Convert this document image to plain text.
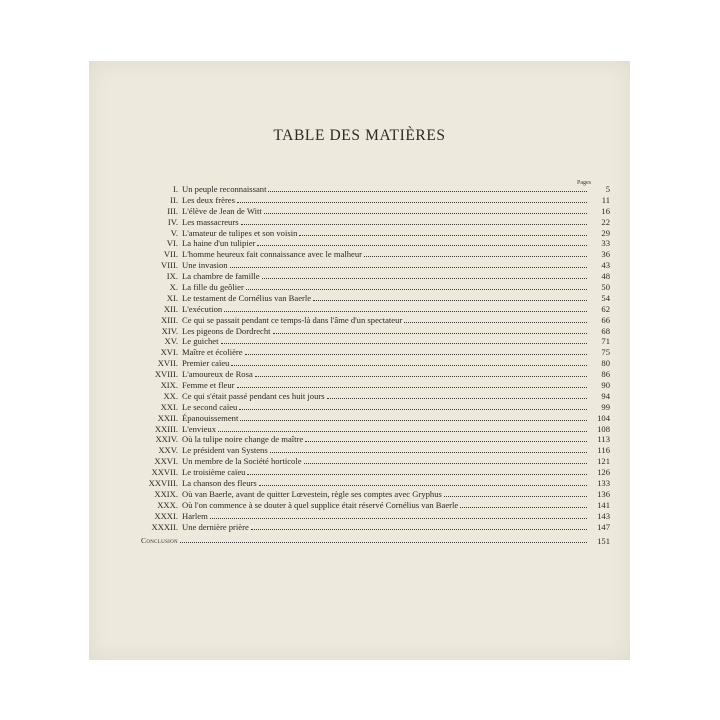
TABLE DES MATIÈRES
Pages
I. Un peuple reconnaissant	5
II. Les deux frères	11
III. L'élève de Jean de Witt	16
IV. Les massacreurs	22
V. L'amateur de tulipes et son voisin	29
VI. La haine d'un tulipier	33
VII. L'homme heureux fait connaissance avec le malheur	36
VIII. Une invasion	43
IX. La chambre de famille	48
X. La fille du geôlier	50
XI. Le testament de Cornélius van Baerle	54
XII. L'exécution	62
XIII. Ce qui se passait pendant ce temps-là dans l'âme d'un spectateur	66
XIV. Les pigeons de Dordrecht	68
XV. Le guichet	71
XVI. Maître et écolière	75
XVII. Premier caïeu	80
XVIII. L'amoureux de Rosa	86
XIX. Femme et fleur	90
XX. Ce qui s'était passé pendant ces huit jours	94
XXI. Le second caïeu	99
XXII. Épanouissement	104
XXIII. L'envieux	108
XXIV. Où la tulipe noire change de maître	113
XXV. Le président van Systens	116
XXVI. Un membre de la Société horticole	121
XXVII. Le troisième caïeu	126
XXVIII. La chanson des fleurs	133
XXIX. Où van Baerle, avant de quitter Lœvestein, règle ses comptes avec Gryphus	136
XXX. Où l'on commence à se douter à quel supplice était réservé Cornélius van Baerle	141
XXXI. Harlem	143
XXXII. Une dernière prière	147
Conclusion	151
